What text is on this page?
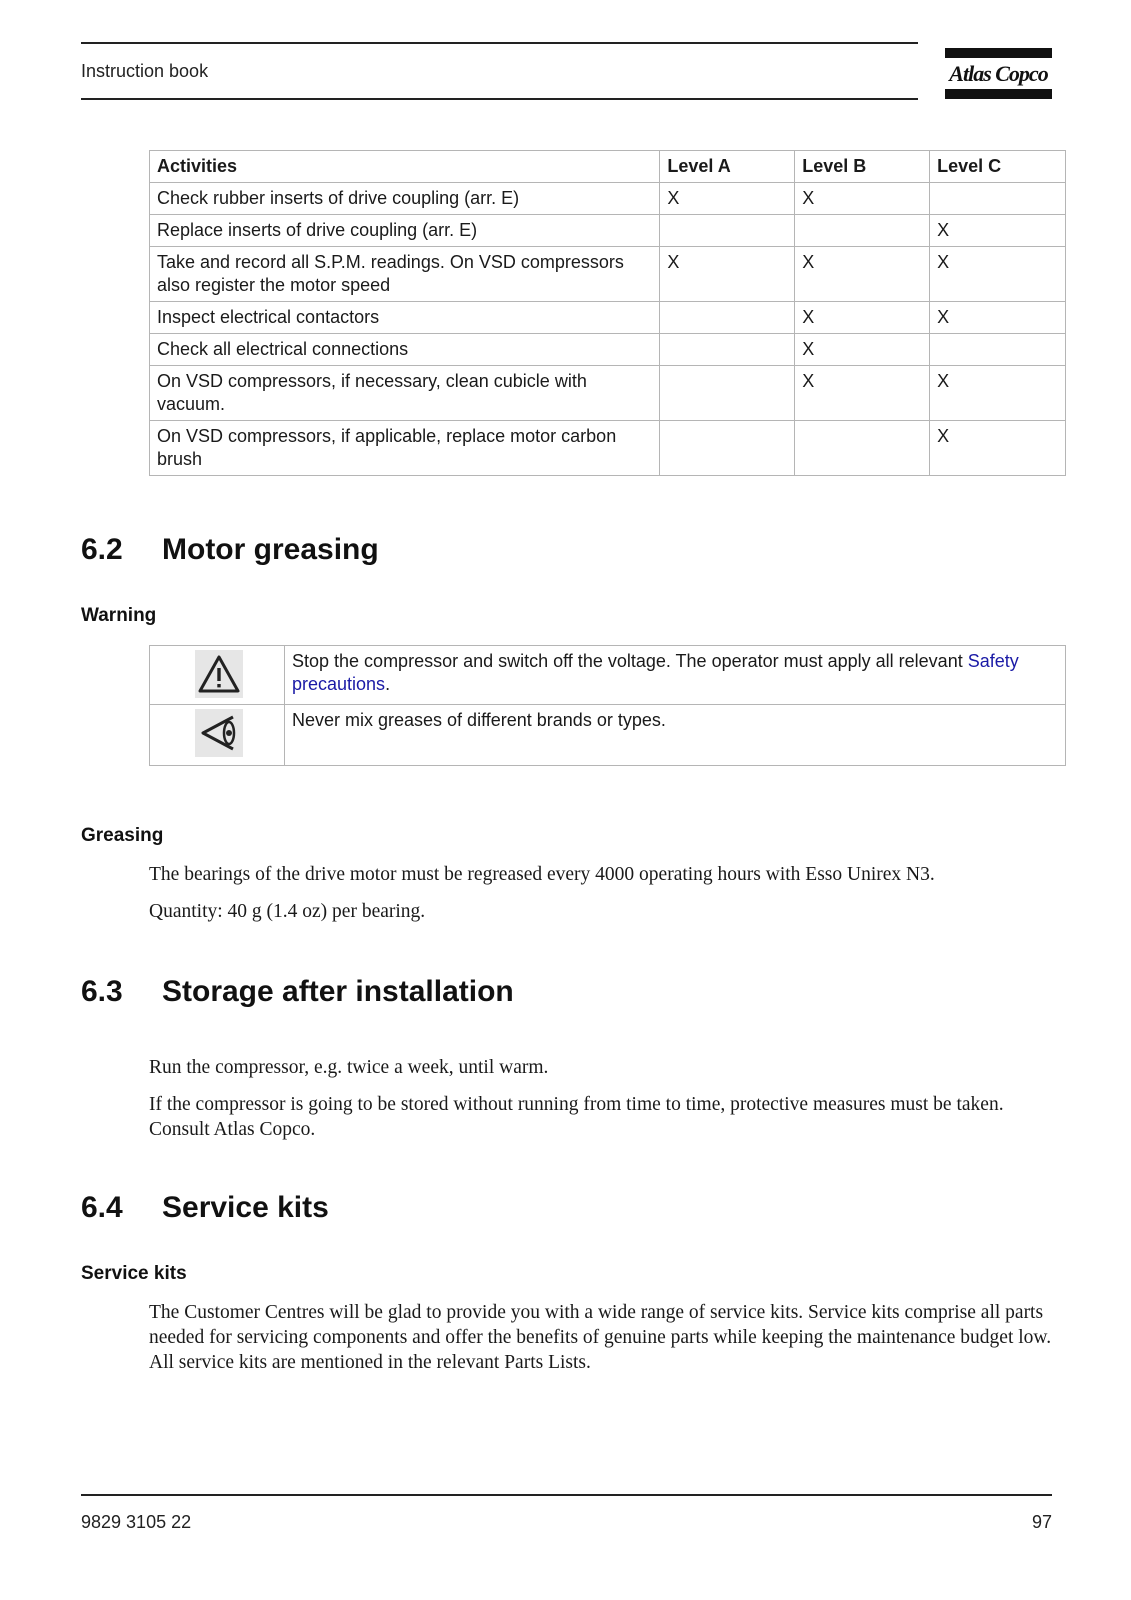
Instruction book	Atlas Copco
Activities	Level A	Level B	Level C
Check rubber inserts of drive coupling (arr. E)	X	X	
Replace inserts of drive coupling (arr. E)			X
Take and record all S.P.M. readings. On VSD compressors also register the motor speed	X	X	X
Inspect electrical contactors		X	X
Check all electrical connections		X	
On VSD compressors, if necessary, clean cubicle with vacuum.		X	X
On VSD compressors, if applicable, replace motor carbon brush			X
6.2 Motor greasing
Warning
	Stop the compressor and switch off the voltage. The operator must apply all relevant Safety precautions.

	Never mix greases of different brands or types.
Greasing
The bearings of the drive motor must be regreased every 4000 operating hours with Esso Unirex N3.
Quantity: 40 g (1.4 oz) per bearing.
6.3 Storage after installation
Run the compressor, e.g. twice a week, until warm.
If the compressor is going to be stored without running from time to time, protective measures must be taken. Consult Atlas Copco.
6.4 Service kits
Service kits
The Customer Centres will be glad to provide you with a wide range of service kits. Service kits comprise all parts needed for servicing components and offer the benefits of genuine parts while keeping the maintenance budget low. All service kits are mentioned in the relevant Parts Lists.
9829 3105 22	97
